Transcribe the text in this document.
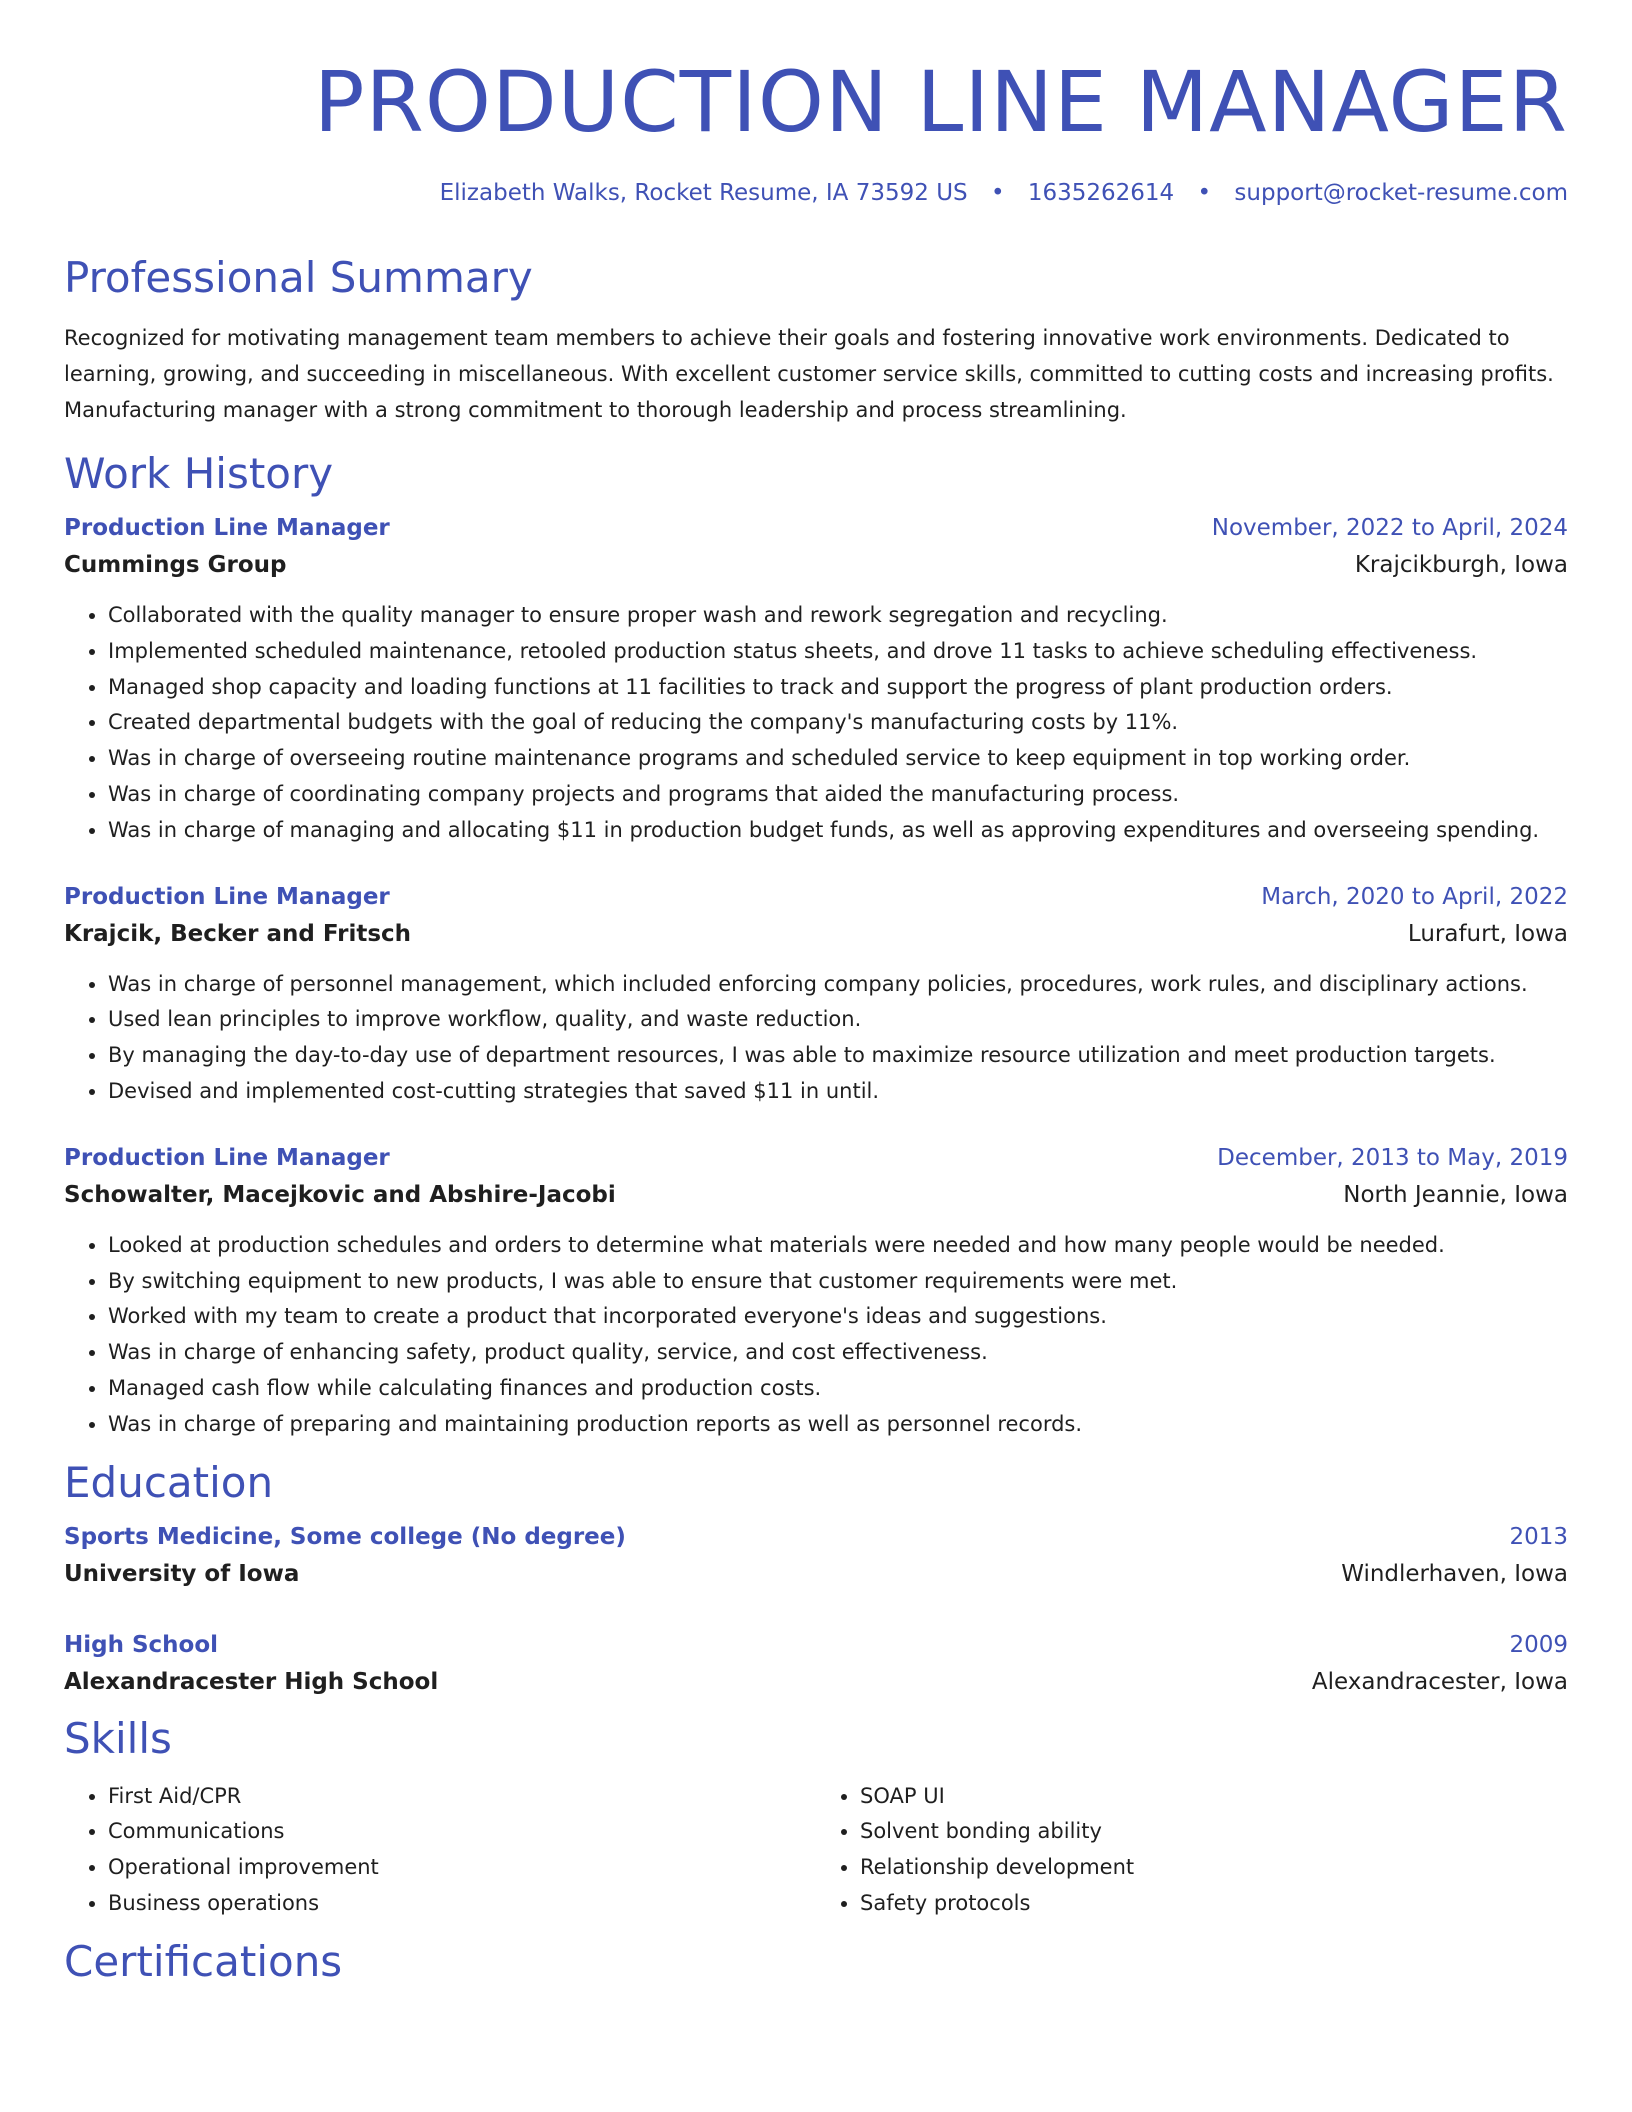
PRODUCTION LINE MANAGER
Elizabeth Walks, Rocket Resume, IA 73592 US • 1635262614 • support@rocket-resume.com
Professional Summary

Recognized for motivating management team members to achieve their goals and fostering innovative work environments. Dedicated to learning, growing, and succeeding in miscellaneous. With excellent customer service skills, committed to cutting costs and increasing profits. Manufacturing manager with a strong commitment to thorough leadership and process streamlining.

Work History
Production Line Manager	November, 2022 to April, 2024
Cummings Group	Krajcikburgh, Iowa
• Collaborated with the quality manager to ensure proper wash and rework segregation and recycling.
• Implemented scheduled maintenance, retooled production status sheets, and drove 11 tasks to achieve scheduling effectiveness.
• Managed shop capacity and loading functions at 11 facilities to track and support the progress of plant production orders.
• Created departmental budgets with the goal of reducing the company's manufacturing costs by 11%.
• Was in charge of overseeing routine maintenance programs and scheduled service to keep equipment in top working order.
• Was in charge of coordinating company projects and programs that aided the manufacturing process.
• Was in charge of managing and allocating $11 in production budget funds, as well as approving expenditures and overseeing spending.
Production Line Manager	March, 2020 to April, 2022
Krajcik, Becker and Fritsch	Lurafurt, Iowa
• Was in charge of personnel management, which included enforcing company policies, procedures, work rules, and disciplinary actions.
• Used lean principles to improve workflow, quality, and waste reduction.
• By managing the day-to-day use of department resources, I was able to maximize resource utilization and meet production targets.
• Devised and implemented cost-cutting strategies that saved $11 in until.
Production Line Manager	December, 2013 to May, 2019
Schowalter, Macejkovic and Abshire-Jacobi	North Jeannie, Iowa
• Looked at production schedules and orders to determine what materials were needed and how many people would be needed.
• By switching equipment to new products, I was able to ensure that customer requirements were met.
• Worked with my team to create a product that incorporated everyone's ideas and suggestions.
• Was in charge of enhancing safety, product quality, service, and cost effectiveness.
• Managed cash flow while calculating finances and production costs.
• Was in charge of preparing and maintaining production reports as well as personnel records.
Education
Sports Medicine, Some college (No degree)	2013
University of Iowa	Windlerhaven, Iowa
High School	2009
Alexandracester High School	Alexandracester, Iowa
Skills
• First Aid/CPR
• Communications
• Operational improvement
• Business operations
• SOAP UI
• Solvent bonding ability
• Relationship development
• Safety protocols
Certifications
